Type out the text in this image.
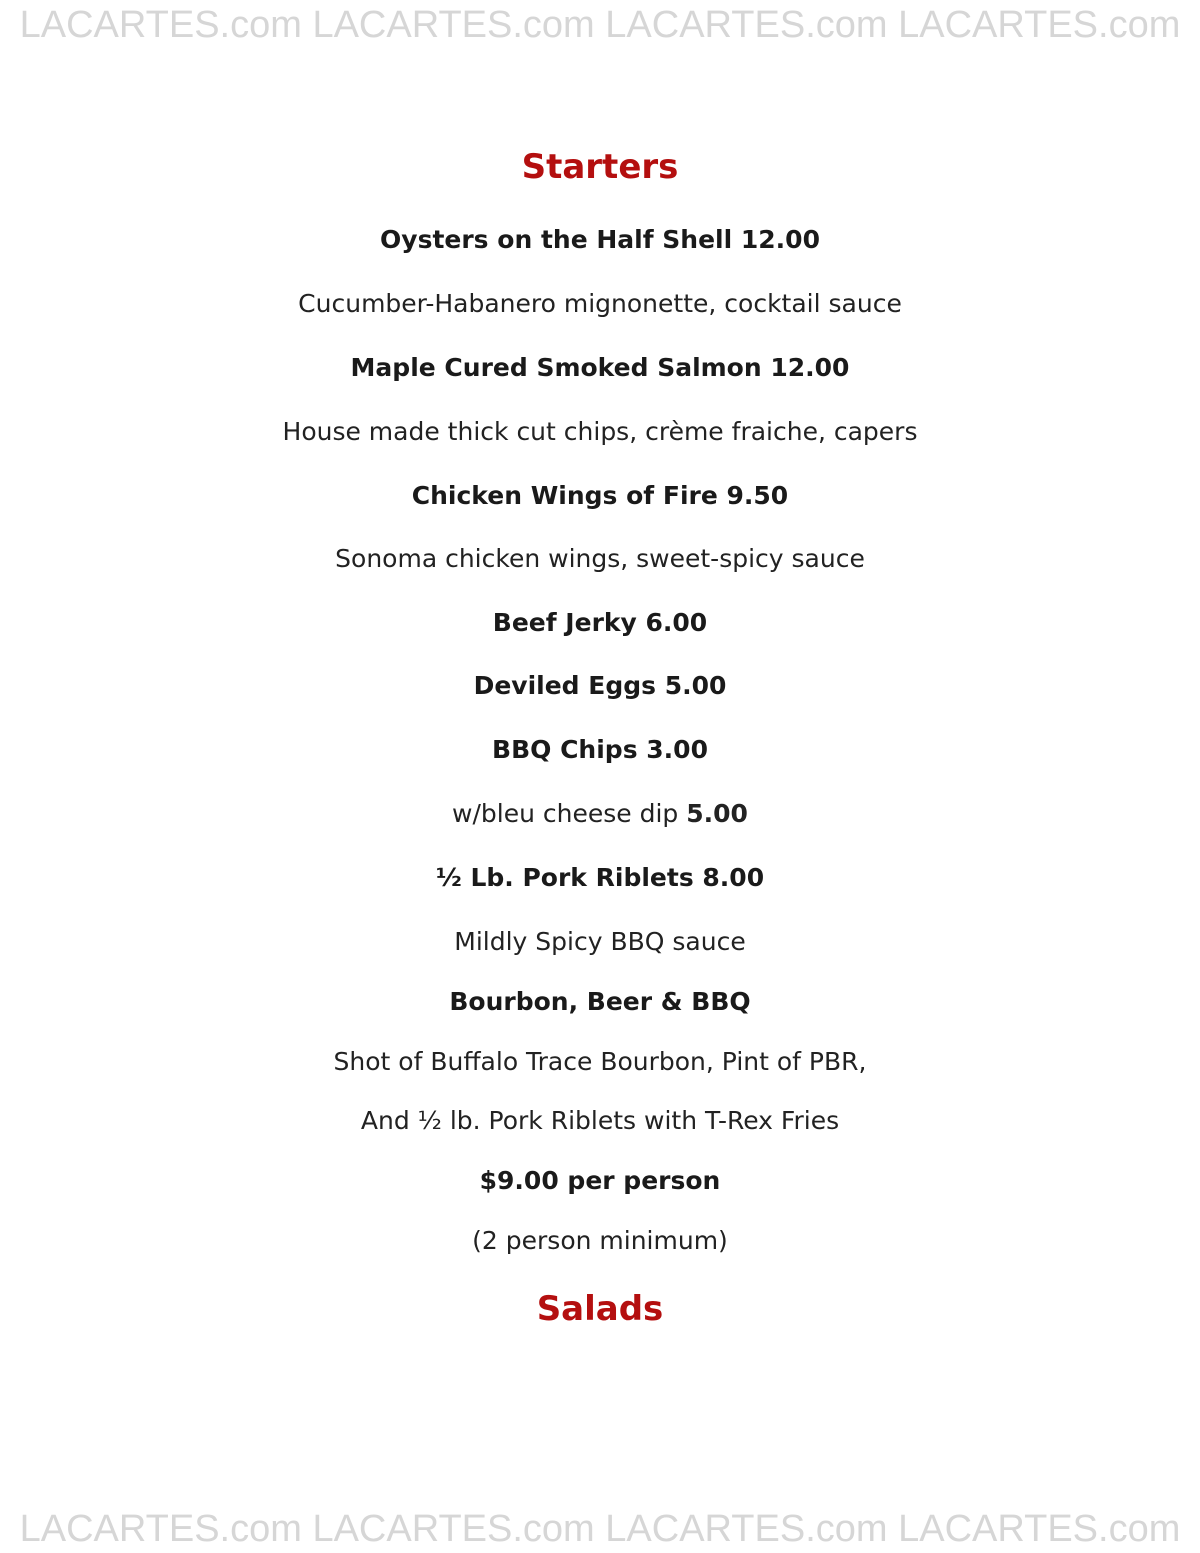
LACARTES.com LACARTES.com LACARTES.com LACARTES.com
Starters
Oysters on the Half Shell 12.00
Cucumber-Habanero mignonette, cocktail sauce
Maple Cured Smoked Salmon 12.00
House made thick cut chips, crème fraiche, capers
Chicken Wings of Fire 9.50
Sonoma chicken wings, sweet-spicy sauce
Beef Jerky 6.00
Deviled Eggs 5.00
BBQ Chips 3.00
w/bleu cheese dip 5.00
½ Lb. Pork Riblets 8.00
Mildly Spicy BBQ sauce
Bourbon, Beer & BBQ
Shot of Buffalo Trace Bourbon, Pint of PBR,
And ½ lb. Pork Riblets with T-Rex Fries
$9.00 per person
(2 person minimum)
Salads
LACARTES.com LACARTES.com LACARTES.com LACARTES.com
